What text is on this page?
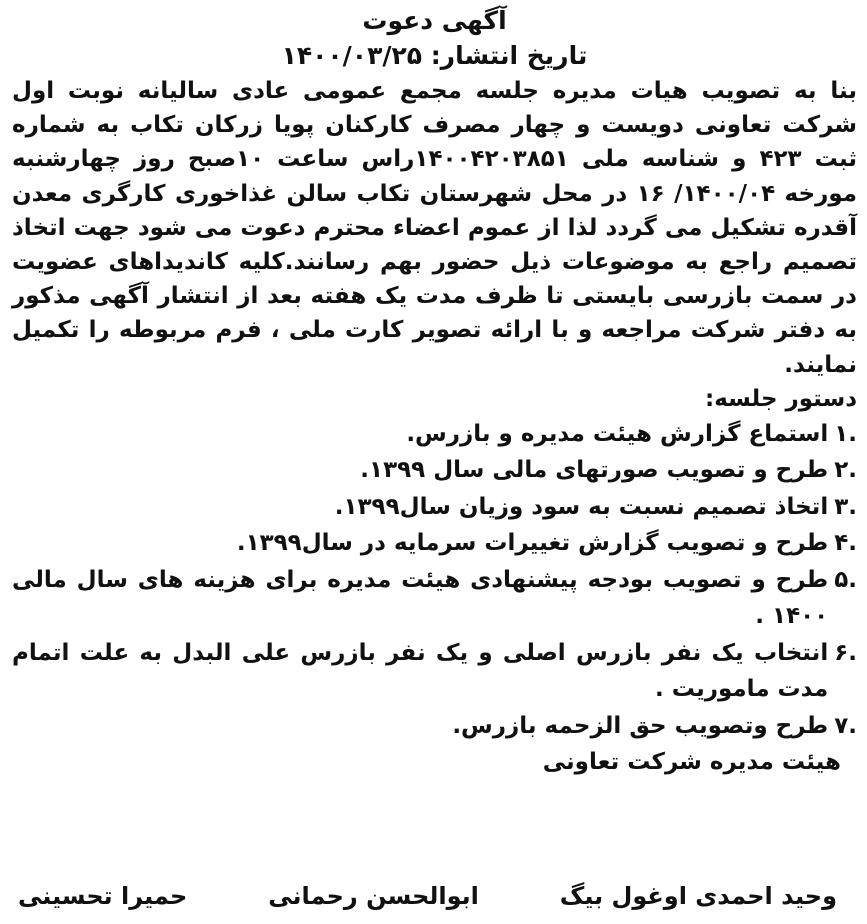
آگهی دعوت
تاریخ انتشار: ۱۴۰۰/۰۳/۲۵

بنا به تصویب هیات مدیره جلسه مجمع عمومی عادی سالیانه نوبت اول شرکت تعاونی دویست و چهار مصرف کارکنان پویا زرکان تکاب به شماره ثبت ۴۲۳ و شناسه ملی ۱۴۰۰۴۲۰۳۸۵۱راس ساعت ۱۰صبح روز چهارشنبه مورخه ۱۴۰۰/۰۴/ ۱۶ در محل شهرستان تکاب سالن غذاخوری کارگری معدن آقدره تشکیل می گردد لذا از عموم اعضاء محترم دعوت می شود جهت اتخاذ تصمیم راجع به موضوعات ذیل حضور بهم رسانند.کلیه کاندیداهای عضویت در سمت بازرسی بایستی تا ظرف مدت یک هفته بعد از انتشار آگهی مذکور به دفتر شرکت مراجعه و با ارائه تصویر کارت ملی ، فرم مربوطه را تکمیل نمایند.

دستور جلسه:
.۱
استماع گزارش هیئت مدیره و بازرس.
.۲
طرح و تصویب صورتهای مالی سال ۱۳۹۹.
.۳
اتخاذ تصمیم نسبت به سود وزیان سال۱۳۹۹.
.۴
طرح و تصویب گزارش تغییرات سرمایه در سال۱۳۹۹.
.۵
طرح و تصویب بودجه پیشنهادی هیئت مدیره برای هزینه های سال مالی ۱۴۰۰ .
.۶
انتخاب یک نفر بازرس اصلی و یک نفر بازرس علی البدل به علت اتمام مدت ماموریت .
.۷
طرح وتصویب حق الزحمه بازرس.
هیئت مدیره شرکت تعاونی
وحید احمدی اوغول بیگ
ابوالحسن رحمانی
حمیرا تحسینی
